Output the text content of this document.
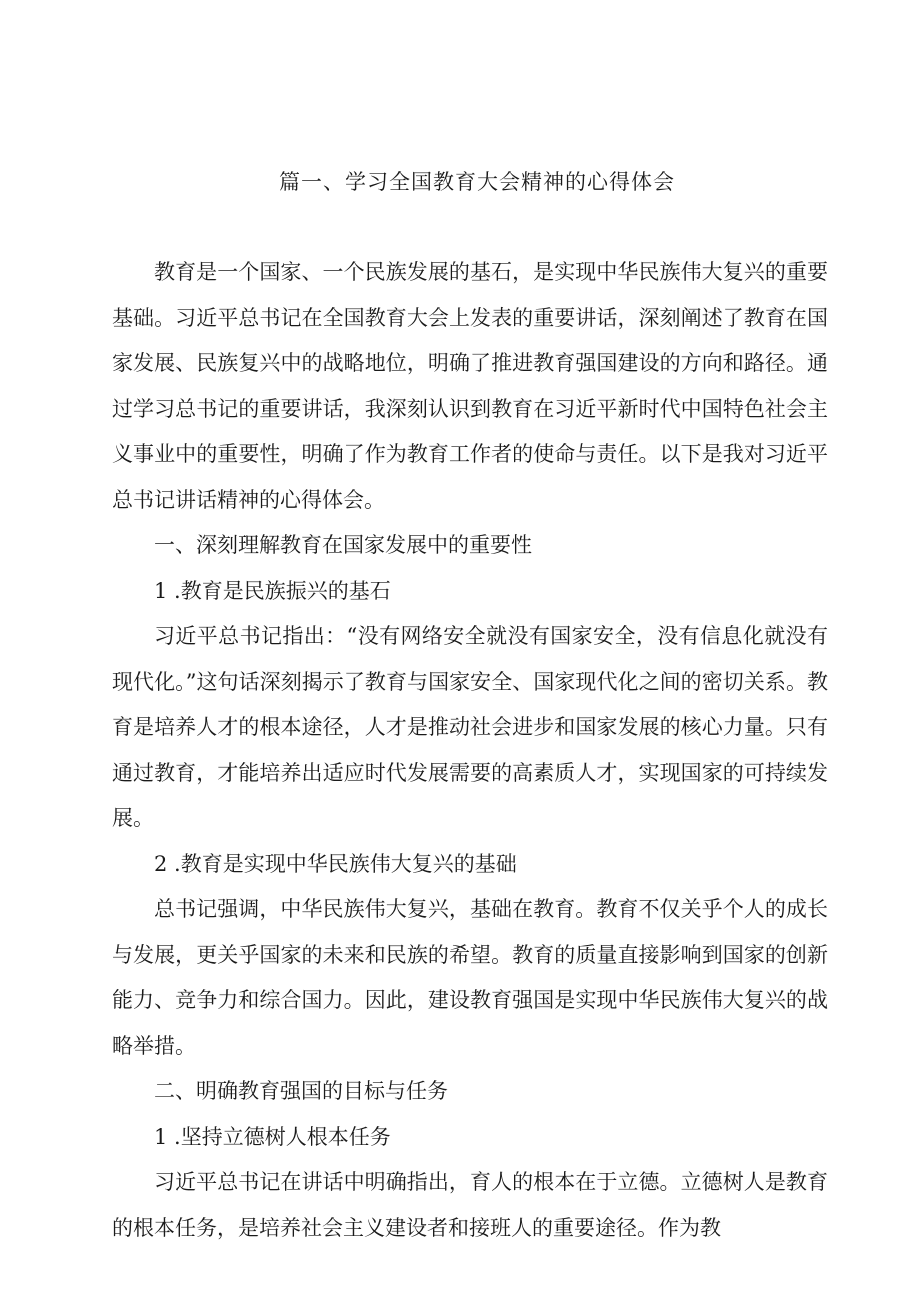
篇一、学习全国教育大会精神的心得体会

教育是一个国家、一个民族发展的基石，是实现中华民族伟大复兴的重要基础。习近平总书记在全国教育大会上发表的重要讲话，深刻阐述了教育在国家发展、民族复兴中的战略地位，明确了推进教育强国建设的方向和路径。通过学习总书记的重要讲话，我深刻认识到教育在习近平新时代中国特色社会主义事业中的重要性，明确了作为教育工作者的使命与责任。以下是我对习近平总书记讲话精神的心得体会。

一、深刻理解教育在国家发展中的重要性

1 .教育是民族振兴的基石

习近平总书记指出：“没有网络安全就没有国家安全，没有信息化就没有现代化。”这句话深刻揭示了教育与国家安全、国家现代化之间的密切关系。教育是培养人才的根本途径，人才是推动社会进步和国家发展的核心力量。只有通过教育，才能培养出适应时代发展需要的高素质人才，实现国家的可持续发展。

2 .教育是实现中华民族伟大复兴的基础

总书记强调，中华民族伟大复兴，基础在教育。教育不仅关乎个人的成长与发展，更关乎国家的未来和民族的希望。教育的质量直接影响到国家的创新能力、竞争力和综合国力。因此，建设教育强国是实现中华民族伟大复兴的战略举措。

二、明确教育强国的目标与任务

1 .坚持立德树人根本任务

习近平总书记在讲话中明确指出，育人的根本在于立德。立德树人是教育的根本任务，是培养社会主义建设者和接班人的重要途径。作为教
